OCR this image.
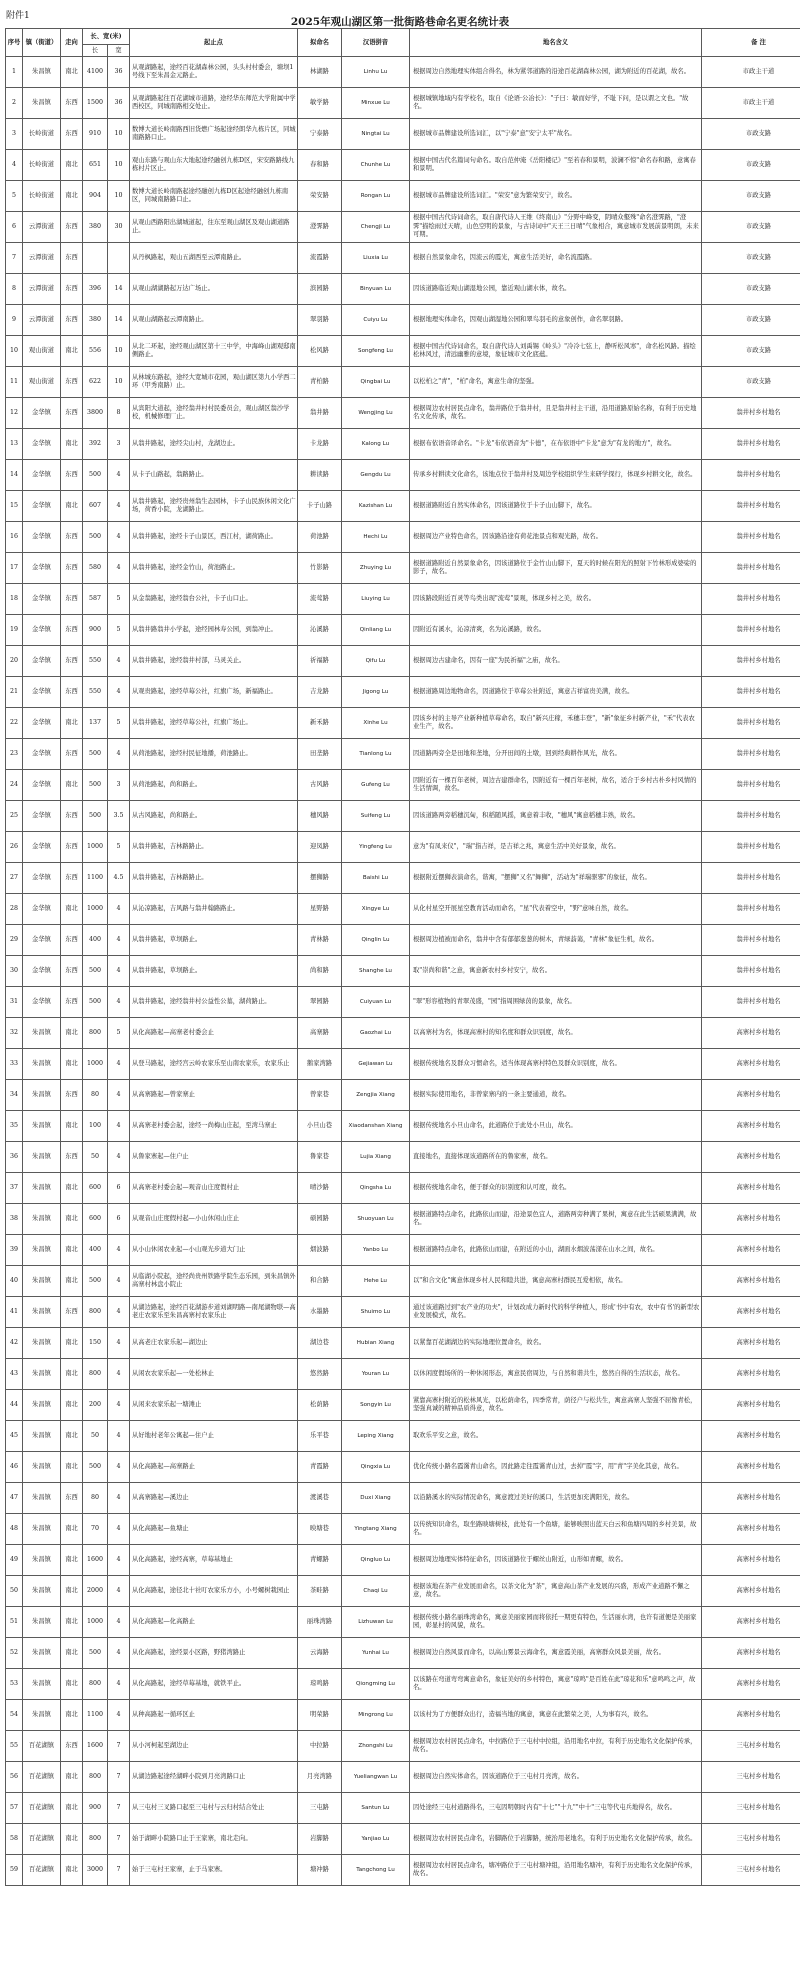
附件1	2025年观山湖区第一批街路巷命名更名统计表
序号	镇（街道）	走向	长、宽(米)		起止点	拟命名	汉语拼音	地名含义	备 注
			长	宽					
1	朱昌镇	南北	4100	36	从观湖路起，途经百花湖森林公园，头头村村委会，塘坝1号线下至朱昌金元路止。	林湖路	Linhu Lu	根据周边自然地理实体组合得名，林为紧邻道路的沿途百花湖森林公园，湖为附近的百花湖，故名。	市政主干道
2	朱昌镇	东西	1500	36	从观湖路起往百花湖城市道路，途经华东师范大学附属中学西校区，同城南路相交处止。	敏学路	Minxue Lu	根据城镇地域内有学校名，取自《论语·公冶长》："子曰：敏而好学，不耻下问，是以谓之文也。"故名。	市政主干道
3	长岭街道	东西	910	10	数博大道长岭南路西旧货燃广场起途经朗华九栋片区，同城南路路口止。	宁泰路	Ningtai Lu	根据城市品牌建设所选词汇，以"宁泰"意"安宁太平"故名。	市政支路
4	长岭街道	南北	651	10	观山东路与观山东大地起途经融创九栋D区，宋安路路线九栋村片区止。	春和路	Chunhe Lu	根据中国古代名篇词句命名。取自范仲淹《岳阳楼记》"至若春和景明，波澜不惊"命名春和路，意寓春和景明。	市政支路
5	长岭街道	南北	904	10	数博大道长岭南路起途经融创九栋D区起途经融创九栋南区，同城南路路口止。	荣安路	Rongan Lu	根据城市品牌建设所选词汇。"荣安"意为繁荣安宁，故名。	市政支路
6	云潭街道	东西	380	30	从观山西路阳出湖城道起，往东至观山湖区及观山湖道路止。	澄霁路	Chengji Lu	根据中国古代诗词命名，取自唐代诗人王维《终南山》"分野中峰变，阴晴众壑殊"命名澄霁路，"澄霁"描绘雨过天晴，山色空明的景象，与古诗词中"天王三日晴"气象相合，寓意城市发展前景明朗，未来可期。	市政支路
7	云潭街道	东西			从丹枫路起，观山五湖西至云潭南路止。	流霞路	Liuxia Lu	根据自然景象命名，因流云的霞光，寓意生活美好，命名流霞路。	市政支路
8	云潭街道	东西	396	14	从观山湖湖路起万达广场止。	滨园路	Binyuan Lu	因该道路临近观山湖湿地公园，靠近观山湖水体，故名。	市政支路
9	云潭街道	东西	380	14	从观山湖路起云潭南路止。	翠羽路	Cuiyu Lu	根据地理实体命名，因观山湖湿地公园和翠鸟羽毛的意象创作，命名翠羽路。	市政支路
10	观山街道	南北	556	10	从北二环起，途经观山湖区第十三中学，中海峰山湖观邸南侧路止。	松风路	Songfeng Lu	根据中国古代诗词命名，取自唐代诗人刘禹锡《岭头》"冷冷七弦上，静听松风寒"，命名松风路。描绘松林风过，清远幽雅的意境，象征城市文化底蕴。	市政支路
11	观山街道	东西	622	10	从林城东路起，途经大宽城市花园，观山湖区第九小学西二环（甲秀南路）止。	青柏路	Qingbai Lu	以松柏之"青"，"柏"命名，寓意生命的坚强。	市政支路
12	金华镇	东西	3800	8	从宾阳大道起，途经翁井村村民委员会，观山湖区翁沙学校，机械修理厂止。	翁井路	Wengjing Lu	根据周边农村居民点命名，翁井路位于翁井村，且是翁井村主干道，沿用道路原始名称，有利于历史地名文化传承，故名。	翁井村乡村地名
13	金华镇	南北	392	3	从翁井路起，途经尖山村，龙湖边止。	卡龙路	Kalong Lu	根据布依语音译命名。"卡龙"布依语音为"卡德"，在布依语中"卡龙"意为"有龙的地方"，故名。	翁井村乡村地名
14	金华镇	东西	500	4	从卡子山路起，翁路路止。	耕读路	Gengdu Lu	传承乡村耕读文化命名，该地点位于翁井村及周边学校组织学生来研学探行，体现乡村耕文化，故名。	翁井村乡村地名
15	金华镇	南北	607	4	从翁井路起，途经贵州翁生态园林，卡子山民族休闲文化广场，荷香小院，龙湖路止。	卡子山路	Kazishan Lu	根据道路附近自然实体命名，因该道路位于卡子山山脚下，故名。	翁井村乡村地名
16	金华镇	东西	500	4	从翁井路起，途经卡子山景区，西江村，湖荷路止。	荷池路	Hechi Lu	根据周边产业特色命名，因该路沿途有荷花池景点和观光路，故名。	翁井村乡村地名
17	金华镇	东西	580	4	从翁井路起，途经金竹山，荷池路止。	竹影路	Zhuying Lu	根据道路附近自然景象命名，因该道路位于金竹山山脚下，夏天的时候在阳光的照射下竹林形成婆娑的影子，故名。	翁井村乡村地名
18	金华镇	东西	587	5	从金翁路起，途经翁台公社，卡子山口止。	流莺路	Liuying Lu	因该路段附近百灵等鸟类出现"流莺"景观，体现乡村之美，故名。	翁井村乡村地名
19	金华镇	东西	900	5	从翁井路翁井小学起，途经园林寿公园，到翁冲止。	沁溪路	Qinliang Lu	因附近有溪水，沁凉清爽，名为沁溪路，故名。	翁井村乡村地名
20	金华镇	东西	550	4	从翁井路起，途经翁井村部，马灵关止。	祈福路	Qifu Lu	根据周边古建命名，因有一座"为民祈福"之庙，故名。	翁井村乡村地名
21	金华镇	东西	550	4	从观贵路起，途经草莓公社，红旗广场，新福路止。	吉龙路	Jigong Lu	根据道路周边地物命名，因道路位于草莓公社附近，寓意吉祥富贵美满，故名。	翁井村乡村地名
22	金华镇	南北	137	5	从翁井路起，途经草莓公社，红旗广场止。	新禾路	Xinhe Lu	因该乡村的主导产业新种植草莓命名，取自"新兴庄稼，禾穗丰登"，"新"象征乡村新产业，"禾"代表农业生产，故名。	翁井村乡村地名
23	金华镇	东西	500	4	从荷池路起，途经村民征地播，荷池路止。	田垄路	Tianlong Lu	因道路两旁全是田地和垄地，分开田间的土墩，回到经典耕作风光，故名。	翁井村乡村地名
24	金华镇	南北	500	3	从荷池路起，尚和路止。	古风路	Gufeng Lu	因附近有一棵百年老树，周边古建群命名，因附近有一棵百年老树，故名，适合于乡村古朴乡村风情的生活情调，故名。	翁井村乡村地名
25	金华镇	东西	500	3.5	从古风路起，尚和路止。	穗风路	Suifeng Lu	因该道路两旁稻穗沉甸，积稻随风摇，寓意着丰收，"穗风"寓意稻穗丰熟，故名。	翁井村乡村地名
26	金华镇	东西	1000	5	从翁井路起，吉林路路止。	迎凤路	Yingfeng Lu	意为"有凤来仪"，"瑞"指吉祥，是吉祥之兆，寓意生活中美好景象，故名。	翁井村乡村地名
27	金华镇	东西	1100	4.5	从翁井路起，吉林路路止。	摆狮路	Baishi Lu	根据附近摆狮表演命名，谐寓，"摆狮"又名"舞狮"，活动为"祥瑞驱邪"的象征，故名。	翁井村乡村地名
28	金华镇	南北	1000	4	从沁凉路起，吉风路与翁井翰路路止。	星野路	Xingye Lu	从化村星空开展星空教育活动而命名，"星"代表着空中，"野"意味自然，故名。	翁井村乡村地名
29	金华镇	东西	400	4	从翁井路起，草坝路止。	青林路	Qinglin Lu	根据周边植被而命名，翁井中含有郁郁葱葱的树木，青绿蓊蔼，"青林"象征生机，故名。	翁井村乡村地名
30	金华镇	东西	500	4	从翁井路起，草坝路止。	尚和路	Shanghe Lu	取"崇尚和谐"之意，寓意新农村乡村安宁，故名。	翁井村乡村地名
31	金华镇	东西	500	4	从翁井路起，途经翁井村公益性公墓，湖荷路止。	翠园路	Cuiyuan Lu	"翠"形容植物的青翠茂盛，"园"指周围绿茵的景象，故名。	翁井村乡村地名
32	朱昌镇	南北	800	5	从化高路起—高寨老村委会止	高寨路	Gaozhai Lu	以高寨村为名，体现高寨村的知名度和群众识别度，故名。	高寨村乡村地名
33	朱昌镇	南北	1000	4	从登马路起，途经宫云岭农家乐至山南农家乐，农家乐止	鹅家湾路	Gejiawan Lu	根据传统地名及群众习惯命名，适当体现高寨村特色及群众识别度，故名。	高寨村乡村地名
34	朱昌镇	东西	80	4	从高寨路起—曾家寨止	曾家巷	Zengjia Xiang	根据实际使用地名，非曾家寨内的一条主要通道，故名。	高寨村乡村地名
35	朱昌镇	南北	100	4	从高寨老村委会起，途经一尚梅山庄起，至湾马寨止	小旦山巷	Xiaodanshan Xiang	根据传统地名小旦山命名，此道路位于此处小旦山，故名。	高寨村乡村地名
36	朱昌镇	东西	50	4	从鲁家寨起—住户止	鲁家巷	Lujia Xiang	直接地名，直接体现该道路所在的鲁家寨，故名。	高寨村乡村地名
37	朱昌镇	南北	600	6	从高寨老村委会起—观音山庄度假村止	晴沙路	Qingsha Lu	根据传统地名命名，便于群众的识别度和认可度，故名。	高寨村乡村地名
38	朱昌镇	南北	600	6	从观音山庄度假村起—小山休闲山庄止	硕园路	Shuoyuan Lu	根据道路特点命名，此路依山而建，沿途景色宜人，道路两旁种满了果树，寓意在此生活硕果满满，故名。	高寨村乡村地名
39	朱昌镇	南北	400	4	从小山休闲农业起—小山观光步道大门止	烟波路	Yanbo Lu	根据道路特点命名，此路依山而建，在附近的小山，湖面水烟波荡漾在山水之间，故名。	高寨村乡村地名
40	朱昌镇	南北	500	4	从临湖小院起，途经尚贵州铁路学院生态乐园，到朱昌镇外高寨村林盘小院止	和合路	Hehe Lu	以"和合文化"寓意体现乡村人民和睦共进，寓意高寨村群民互爱相依，故名。	高寨村乡村地名
41	朱昌镇	东西	800	4	从湖边路起，途经百花湖游步道刘湖明路—南尾湖物联—高老庄农家乐至朱昌高寨村农家乐止	水墨路	Shuimo Lu	通过该道路过到"农产业的功夫"，计划改成力新时代的科学种植人，形成'书中有农，农中有书'的新型农业发展模式，故名。	高寨村乡村地名
42	朱昌镇	南北	150	4	从高老庄农家乐起—湖边止	湖边巷	Hubian Xiang	以紧靠百花湖湖边的实际地理位置命名，故名。	高寨村乡村地名
43	朱昌镇	南北	800	4	从闲农农家乐起—一处松林止	悠然路	Youran Lu	以休闲度假场所的一种休闲形态，寓意民宿周边，与自然和谐共生，悠然自得的生活状态，故名。	高寨村乡村地名
44	朱昌镇	南北	200	4	从闲来农家乐起一塘滩止	松荫路	Songyin Lu	紧靠高寨村附近的松林风光，以松荫命名，四季常青，荫径户与松共生，寓意高寨人坚强不屈像青松，坚强真诚的精神品质得意，故名。	高寨村乡村地名
45	朱昌镇	南北	50	4	从好地村老年公寓起—住户止	乐平巷	Leping Xiang	取欢乐平安之意，故名。	高寨村乡村地名
46	朱昌镇	南北	500	4	从化高路起—高寨路止	青霞路	Qingxia Lu	优化传统小路名霞霭青山命名，因此路走往霞霭青山过，去掉"霞"字，用"青"字美化其意，故名。	高寨村乡村地名
47	朱昌镇	东西	80	4	从高寨路起—溪边止	渡溪巷	Duxi Xiang	以沿路溪水的实际情况命名，寓意渡过美好的溪口，生活更加充满阳光，故名。	高寨村乡村地名
48	朱昌镇	南北	70	4	从化高路起—鱼塘止	映塘巷	Yingtang Xiang	以传统知识命名，取坐路映塘树枝，此处有一个鱼塘，能够映照出蓝天白云和鱼塘四周的乡村美景，故名。	高寨村乡村地名
49	朱昌镇	南北	1600	4	从化高路起，途经高寨，草莓基地止	青螺路	Qingluo Lu	根据周边地理实体特征命名，因该道路位于螺丝山附近，山形如青螺，故名。	高寨村乡村地名
50	朱昌镇	南北	2000	4	从化高路起，途径北十社叮农家乐方小，小号螺树栽园止	茶畦路	Chaqi Lu	根据该地在茶产业发展而命名，以茶文化为"茶"，寓意高山茶产业发展的兴盛，形成产业道路不懈之意，故名。	高寨村乡村地名
51	朱昌镇	南北	1000	4	从化高路起—化高路止	丽珠湾路	Lizhuwan Lu	根据传统小路名丽珠湾命名，寓意美丽家园而将依托一期更有特色，生活丽水湾，也许有道便是美丽家园，彰显村的风貌，故名。	高寨村乡村地名
52	朱昌镇	南北	500	4	从化高路起，途经景小区路，野猪湾路止	云海路	Yunhai Lu	根据周边自然风景而命名，以高山雾景云海命名，寓意霞美丽，高寨群众风景美丽，故名。	高寨村乡村地名
53	朱昌镇	南北	800	4	从化高路起，途经草莓基地，就铁平止。	琼鸣路	Qiongming Lu	以该路在弯道弯弯寓意命名，象征美好的乡村特色，寓意"琼鸣"是百姓在此"琼花和乐"意鸣鸣之声，故名。	高寨村乡村地名
54	朱昌镇	南北	1100	4	从种高路起一循环区止	明荣路	Mingrong Lu	以该村为了方便群众出行，造福当地的寓意，寓意在此繁荣之美，人为事有兴，故名。	高寨村乡村地名
55	百花湖镇	东西	1600	7	从小河柯起至湖边止	中拉路	Zhongshi Lu	根据周边农村居民点命名，中拉路位于三屯村中拉组，沿用地名中拉，有利于历史地名文化保护传承，故名。	三屯村乡村地名
56	百花湖镇	南北	800	7	从湖边路起途经湖畔小院到月亮湾路口止	月亮湾路	Yueliangwan Lu	根据周边自然实体命名，因该道路位于三屯村月亮湾，故名。	三屯村乡村地名
57	百花湖镇	南北	900	7	从三屯村三叉路口起至三屯村与云归村结合处止	三屯路	Santun Lu	因处途经三屯村道路得名，三屯因明朝时内有"十七""十九""中十"三屯等代屯兵地得名，故名。	三屯村乡村地名
58	百花湖镇	南北	800	7	始于湖畔小院路口止于王家寨，南北走向。	岩脚路	Yanjiao Lu	根据周边农村居民点命名，岩脚路位于岩脚路，统治用老地名，有利于历史地名文化保护传承，故名。	三屯村乡村地名
59	百花湖镇	南北	3000	7	始于三屯村王家寨，止于马家寨。	塘冲路	Tangchong Lu	根据周边农村居民点命名，塘冲路位于三屯村塘冲组，沿用地名塘冲，有利于历史地名文化保护传承，故名。	三屯村乡村地名
